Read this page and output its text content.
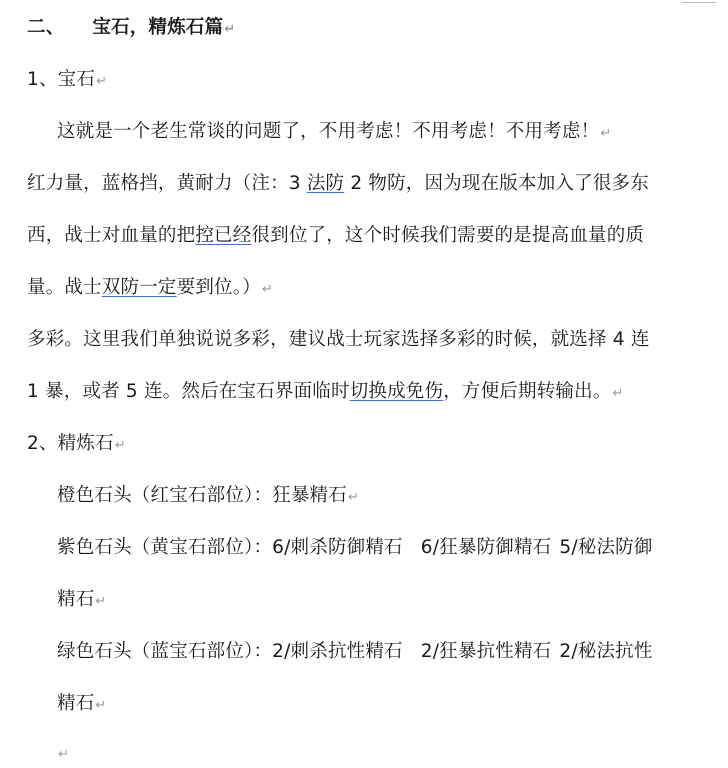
二、 宝石，精炼石篇↵
1、宝石↵
这就是一个老生常谈的问题了，不用考虑！不用考虑！不用考虑！↵
红力量，蓝格挡，黄耐力（注：3 法防 2 物防，因为现在版本加入了很多东
西，战士对血量的把控已经很到位了，这个时候我们需要的是提高血量的质
量。战士双防一定要到位。）↵
多彩。这里我们单独说说多彩，建议战士玩家选择多彩的时候，就选择 4 连
1 暴，或者 5 连。然后在宝石界面临时切换成免伤，方便后期转输出。↵
2、精炼石↵
橙色石头（红宝石部位）：狂暴精石↵
紫色石头（黄宝石部位）：6/刺杀防御精石 6/狂暴防御精石 5/秘法防御
精石↵
绿色石头（蓝宝石部位）：2/刺杀抗性精石 2/狂暴抗性精石 2/秘法抗性
精石↵
↵
